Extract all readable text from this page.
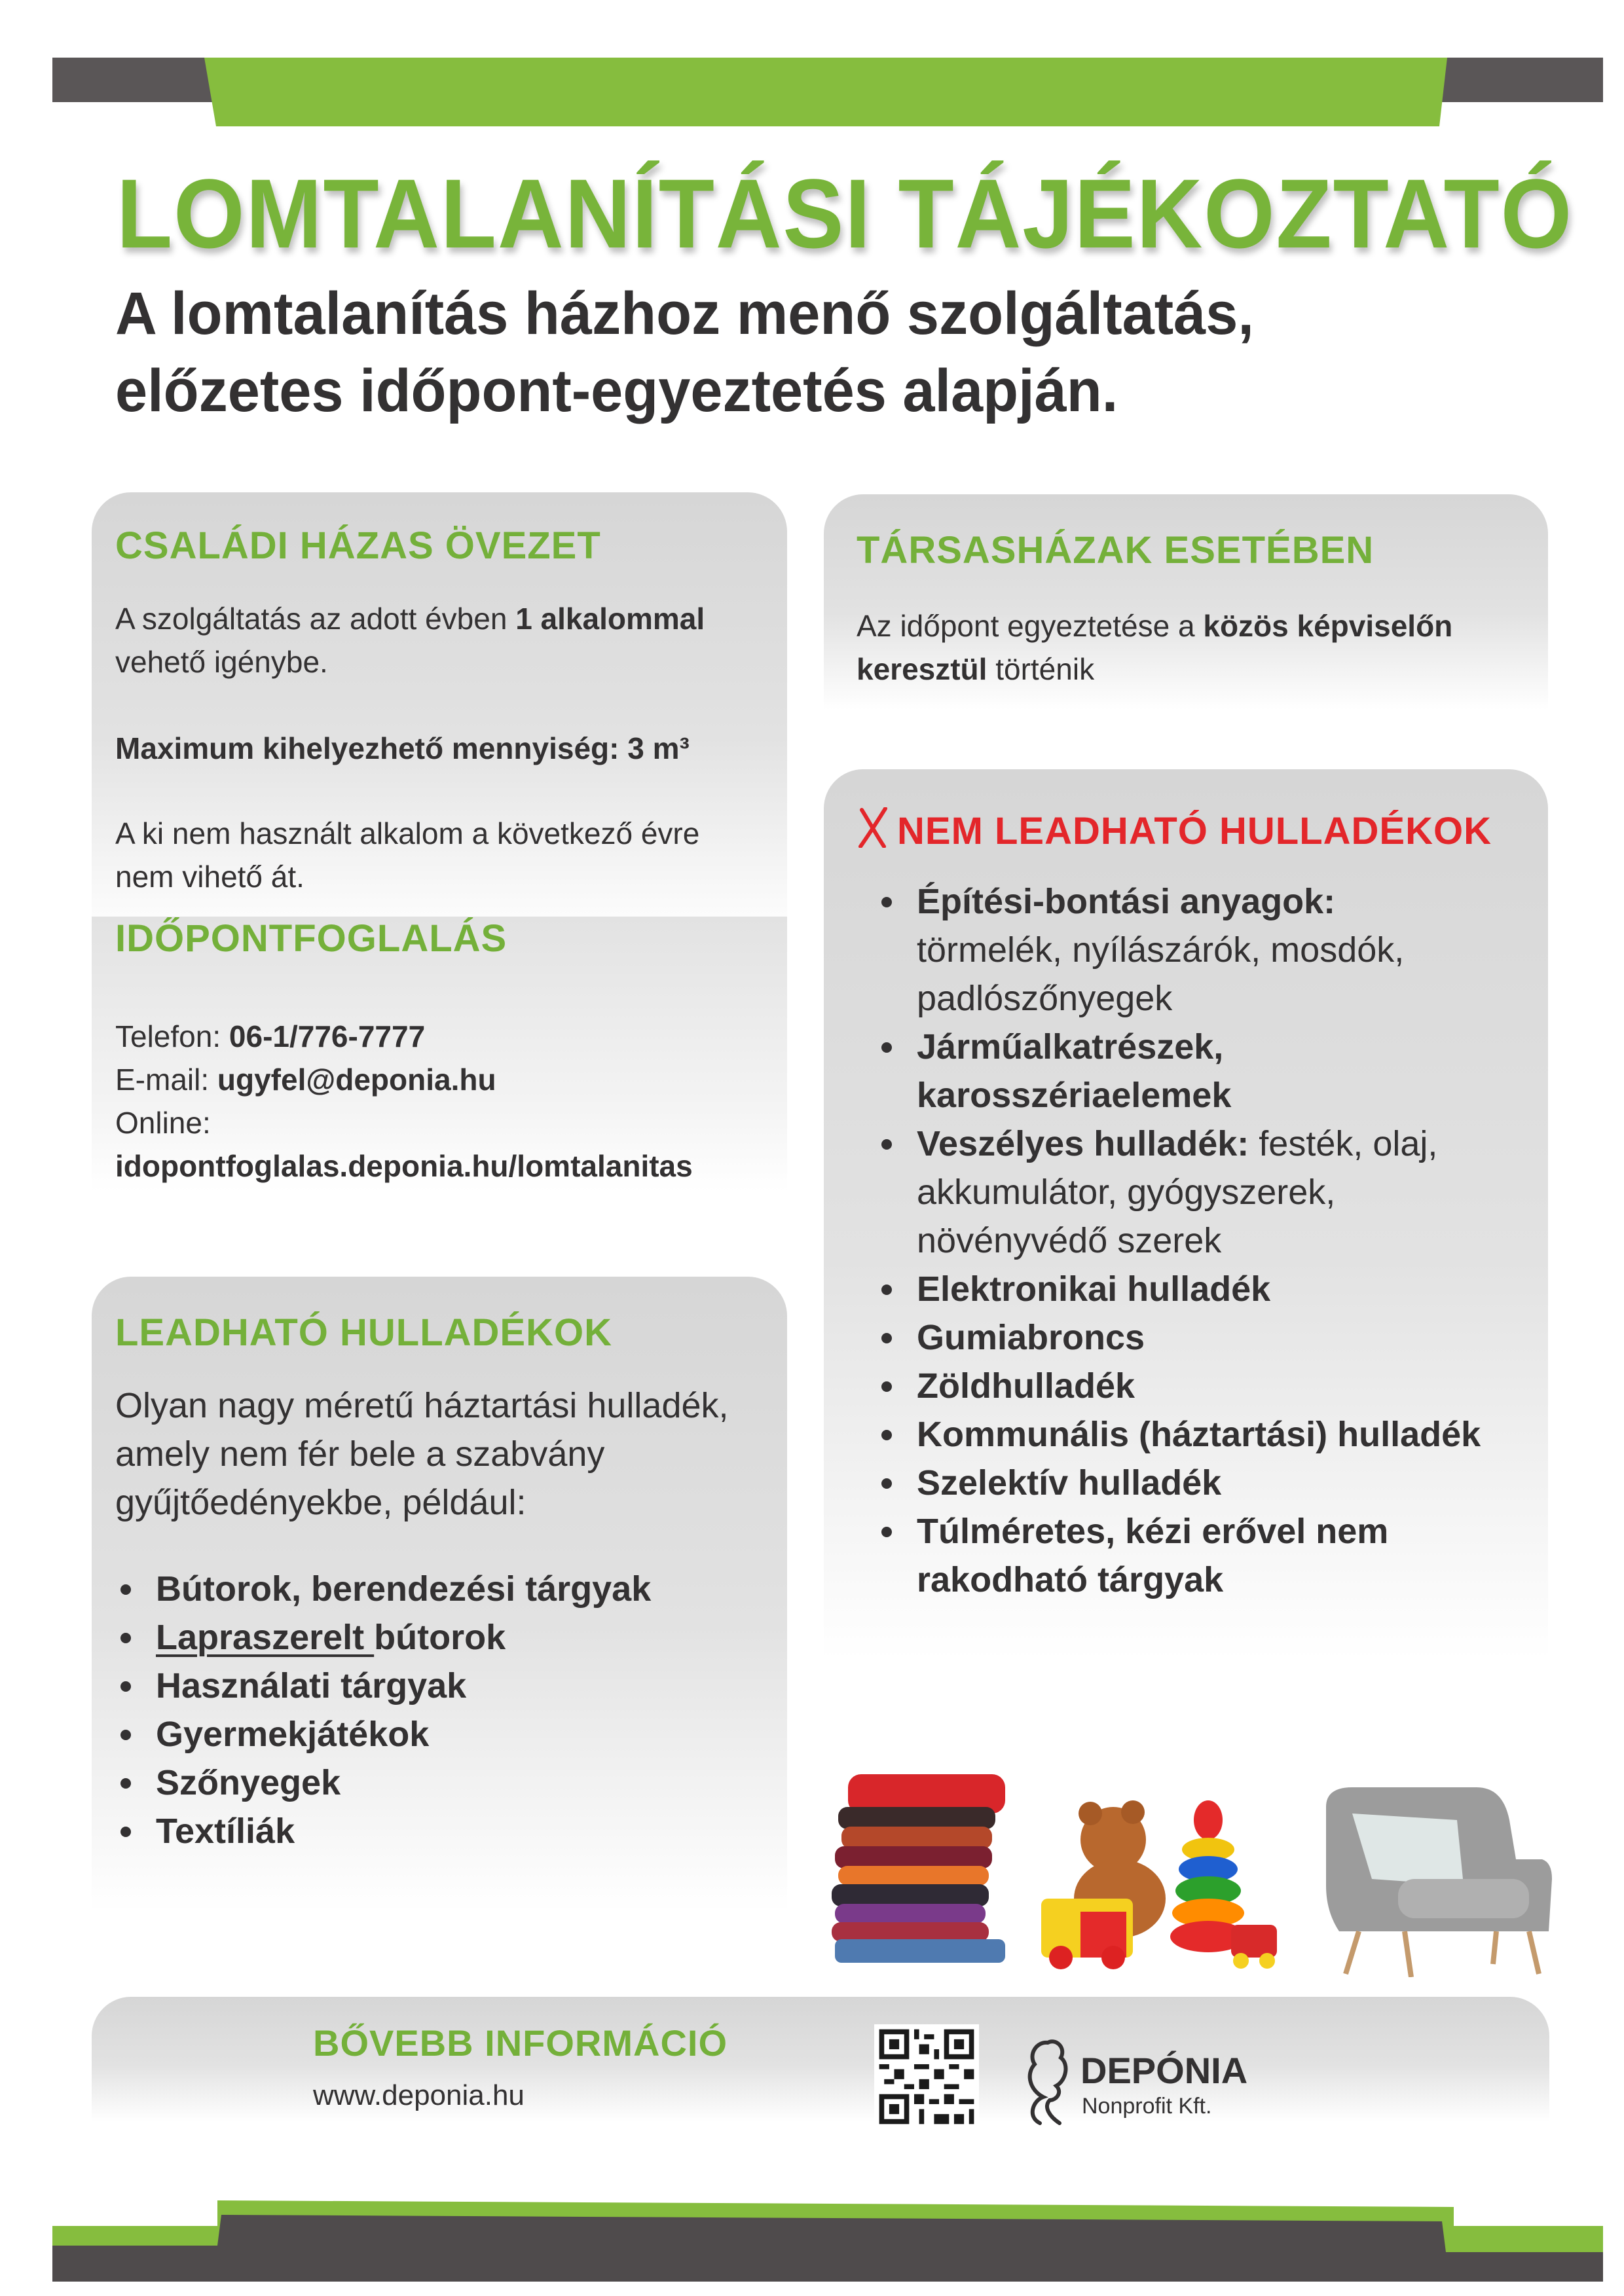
LOMTALANÍTÁSI TÁJÉKOZTATÓ
A lomtalanítás házhoz menő szolgáltatás,
előzetes időpont-egyeztetés alapján.
CSALÁDI HÁZAS ÖVEZET
A szolgáltatás az adott évben 1 alkalommal
vehető igénybe.
Maximum kihelyezhető mennyiség: 3 m³
A ki nem használt alkalom a következő évre nem vihető át.
IDŐPONTFOGLALÁS
Telefon: 06-1/776-7777
E-mail: ugyfel@deponia.hu
Online:
idopontfoglalas.deponia.hu/lomtalanitas
TÁRSASHÁZAK ESETÉBEN
Az időpont egyeztetése a közös képviselőn keresztül történik
NEM LEADHATÓ HULLADÉKOK
Építési-bontási anyagok:
törmelék, nyílászárók, mosdók, padlószőnyegek
Járműalkatrészek, karosszériaelemek
Veszélyes hulladék: festék, olaj, akkumulátor, gyógyszerek, növényvédő szerek
Elektronikai hulladék
Gumiabroncs
Zöldhulladék
Kommunális (háztartási) hulladék
Szelektív hulladék
Túlméretes, kézi erővel nem rakodható tárgyak
LEADHATÓ HULLADÉKOK
Olyan nagy méretű háztartási hulladék, amely nem fér bele a szabvány gyűjtőedényekbe, például:
Bútorok, berendezési tárgyak
Lapraszerelt bútorok
Használati tárgyak
Gyermekjátékok
Szőnyegek
Textíliák
BŐVEBB INFORMÁCIÓ
www.deponia.hu
DEPÓNIA
Nonprofit Kft.
